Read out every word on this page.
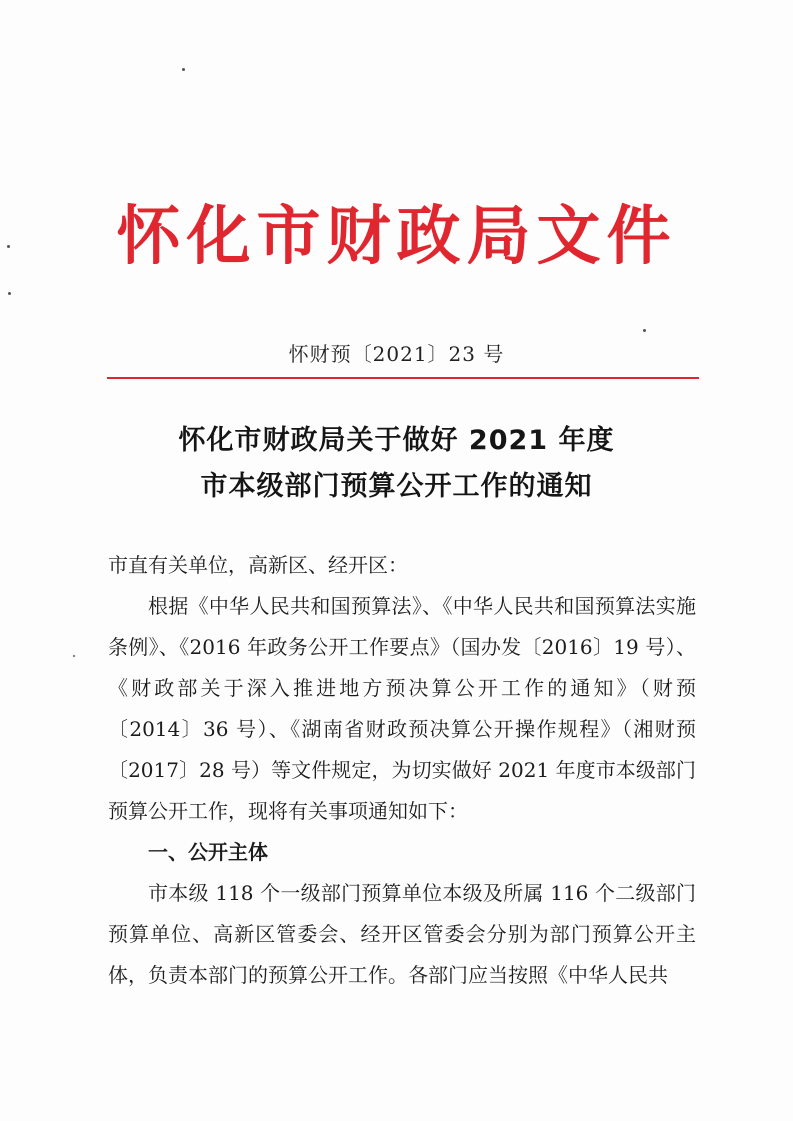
怀化市财政局文件
怀财预〔2021〕23 号
怀化市财政局关于做好 2021 年度
市本级部门预算公开工作的通知

市直有关单位，高新区、经开区：

根据《中华人民共和国预算法》、《中华人民共和国预算法实施条例》、《2016 年政务公开工作要点》（国办发〔2016〕19 号）、《财政部关于深入推进地方预决算公开工作的通知》（财预〔2014〕36 号）、《湖南省财政预决算公开操作规程》（湘财预〔2017〕28 号）等文件规定，为切实做好 2021 年度市本级部门预算公开工作，现将有关事项通知如下：

一、公开主体

市本级 118 个一级部门预算单位本级及所属 116 个二级部门预算单位、高新区管委会、经开区管委会分别为部门预算公开主体，负责本部门的预算公开工作。各部门应当按照《中华人民共
